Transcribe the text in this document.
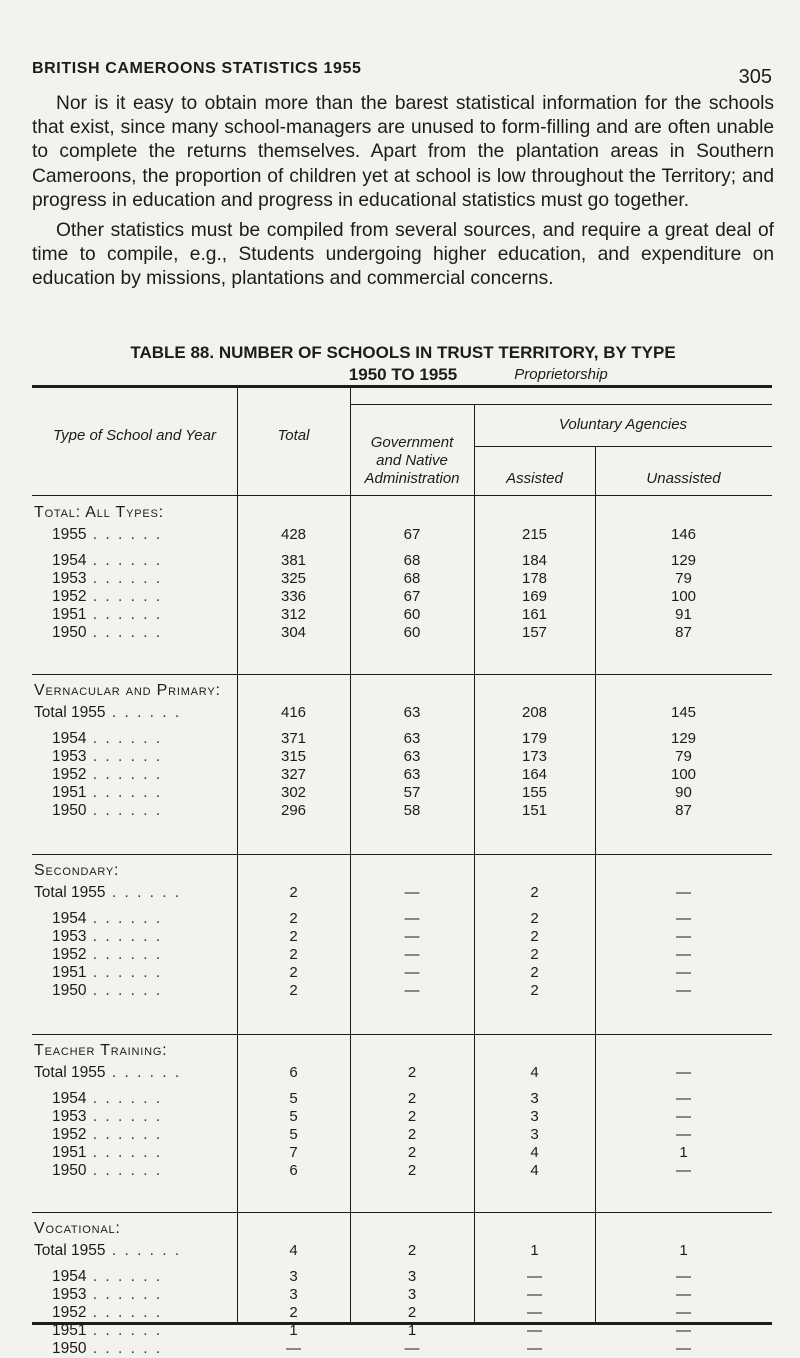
BRITISH CAMEROONS STATISTICS 1955	305

Nor is it easy to obtain more than the barest statistical information for the schools that exist, since many school-managers are unused to form-filling and are often unable to complete the returns themselves. Apart from the plantation areas in Southern Cameroons, the proportion of children yet at school is low throughout the Territory; and progress in education and progress in educational statistics must go together.

Other statistics must be compiled from several sources, and require a great deal of time to compile, e.g., Students undergoing higher education, and expenditure on education by missions, plantations and commercial concerns.

TABLE 88. NUMBER OF SCHOOLS IN TRUST TERRITORY, BY TYPE

1950 TO 1955
Type of School and Year	Total
Proprietorship
Government and Native Administration
Voluntary Agencies
Assisted	Unassisted
Total: All Types:
1955 . . . . . .	428	67	215	146
1954 . . . . . .	381	68	184	129
1953 . . . . . .	325	68	178	79
1952 . . . . . .	336	67	169	100
1951 . . . . . .	312	60	161	91
1950 . . . . . .	304	60	157	87
Vernacular and Primary:
Total 1955 . . . . . .	416	63	208	145
1954 . . . . . .	371	63	179	129
1953 . . . . . .	315	63	173	79
1952 . . . . . .	327	63	164	100
1951 . . . . . .	302	57	155	90
1950 . . . . . .	296	58	151	87
Secondary:
Total 1955 . . . . . .	2	—	2	—
1954 . . . . . .	2	—	2	—
1953 . . . . . .	2	—	2	—
1952 . . . . . .	2	—	2	—
1951 . . . . . .	2	—	2	—
1950 . . . . . .	2	—	2	—
Teacher Training:
Total 1955 . . . . . .	6	2	4	—
1954 . . . . . .	5	2	3	—
1953 . . . . . .	5	2	3	—
1952 . . . . . .	5	2	3	—
1951 . . . . . .	7	2	4	1
1950 . . . . . .	6	2	4	—
Vocational:
Total 1955 . . . . . .	4	2	1	1
1954 . . . . . .	3	3	—	—
1953 . . . . . .	3	3	—	—
1952 . . . . . .	2	2	—	—
1951 . . . . . .	1	1	—	—
1950 . . . . . .	—	—	—	—
